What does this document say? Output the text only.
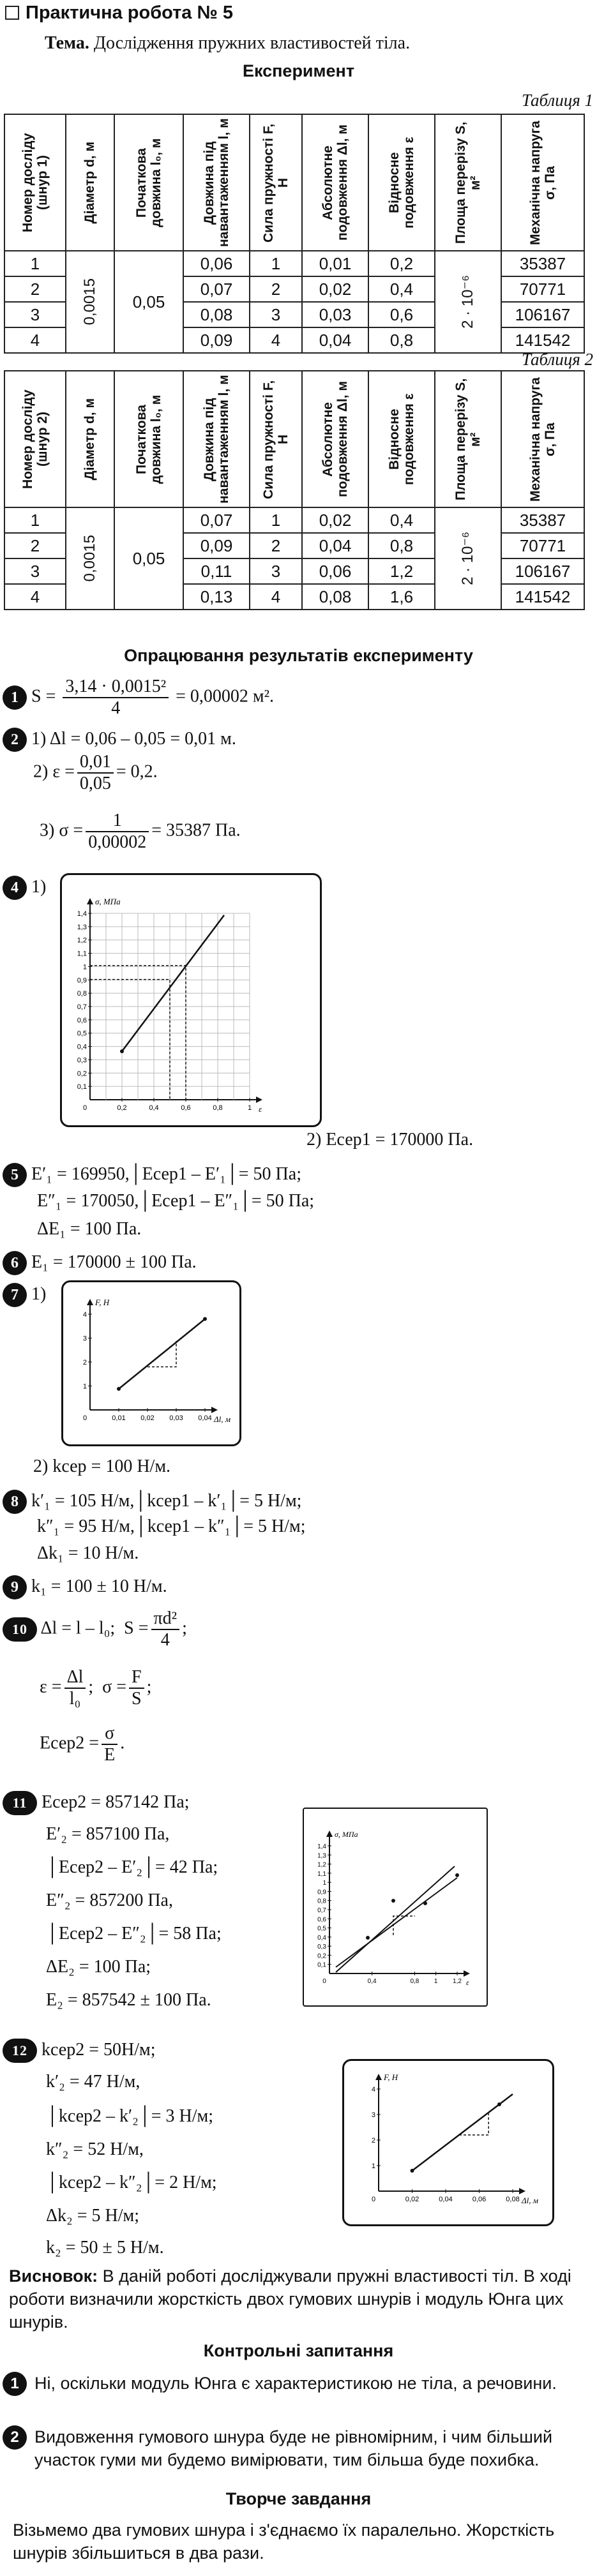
Практична робота № 5
Тема. Дослідження пружних властивостей тіла.
Експеримент
Таблиця 1
Таблиця 2
Номер досліду (шнур 1)	Діаметр d, м	Початкова довжина l₀, м	Довжина під навантаженням l, м	Сила пружності F, Н	Абсолютне подовження Δl, м	Відносне подовження ε	Площа перерізу S, м²	Механічна напруга σ, Па

1	0,0015	0,05	0,06	1	0,01	0,2	2 · 10⁻⁶	35387
2			0,07	2	0,02	0,4		70771
3			0,08	3	0,03	0,6		106167
4			0,09	4	0,04	0,8		141542
Номер досліду (шнур 2)	Діаметр d, м	Початкова довжина l₀, м	Довжина під навантаженням l, м	Сила пружності F, Н	Абсолютне подовження Δl, м	Відносне подовження ε	Площа перерізу S, м²	Механічна напруга σ, Па

1	0,0015	0,05	0,07	1	0,02	0,4	2 · 10⁻⁶	35387
2			0,09	2	0,04	0,8		70771
3			0,11	3	0,06	1,2		106167
4			0,13	4	0,08	1,6		141542
Опрацювання результатів експерименту
1 $S = \frac{\text{3,14 · 0,0015²}}{4} = 0,00002$ м².
2 1) Δl = 0,06 – 0,05 = 0,01 м.
2) $\varepsilon = \frac{0,01}{0,05} = 0,2$.
3) $\sigma = \frac{1}{0,00002} = 35387$ Па.
4 1)
0,1
0,2
0,3
0,4
0,5
0,6
0,7
0,8
0,9
1
1,1
1,2
1,3
1,4
0,2	0,4	0,6	0,8	1
0
σ, МПа
ε
2) Eсер1 = 170000 Па.
5 E′₁ = 169950,│Eсер1 – E′₁│= 50 Па;
E″₁ = 170050,│Eсер1 – E″₁│= 50 Па;
ΔE₁ = 100 Па.
6 E₁ = 170000 ± 100 Па.
7 1)
1
2
3
4
0,01 0,02 0,03 0,04
0
F, Н
Δl, м
2) kсер = 100 Н/м.
8 k′₁ = 105 Н/м,│kсер1 – k′₁│= 5 Н/м;
k″₁ = 95 Н/м,│kсер1 – k″₁│= 5 Н/м;
Δk₁ = 10 Н/м.
9 k₁ = 100 ± 10 Н/м.
10 Δl = l – l₀; $S = \frac{\text{πd²}}{4}$ ;
$\varepsilon = \frac{\Delta l}{\text{l₀}}$ ;  $\sigma = \frac{F}{S}$ ;
Eсер2 = $\frac{\sigma}{E}$ .
11 Eсер2 = 857142 Па;
E′₂ = 857100 Па,
│Eсер2 – E′₂│= 42 Па;
E″₂ = 857200 Па,
│Eсер2 – E″₂│= 58 Па;
ΔE₂ = 100 Па;
E₂ = 857542 ± 100 Па.
0,1
0,2
0,3
0,4
0,5
0,6
0,7
0,8
0,9
1
1,1
1,2
1,3
1,4
0,4	0,8 1 1,2
0
σ, МПа
ε
12 kсер2 = 50Н/м;
k′₂ = 47 Н/м,
│kсер2 – k′₂│= 3 Н/м;
k″₂ = 52 Н/м,
│kсер2 – k″₂│= 2 Н/м;
Δk₂ = 5 Н/м;
k₂ = 50 ± 5 Н/м.
1
2
3
4
0,02	0,04	0,06	0,08
0
F, Н
Δl, м
Висновок: В даній роботі досліджували пружні властивості тіл. В ході роботи визначили жорсткість двох гумових шнурів і модуль Юнга цих шнурів.
Контрольні запитання
1 Ні, оскільки модуль Юнга є характеристикою не тіла, а речовини.
2 Видовження гумового шнура буде не рівномірним, і чим більший участок гуми ми будемо вимірювати, тим більша буде похибка.
Творче завдання
Візьмемо два гумових шнура і з'єднаємо їх паралельно. Жорсткість шнурів збільшиться в два рази.
